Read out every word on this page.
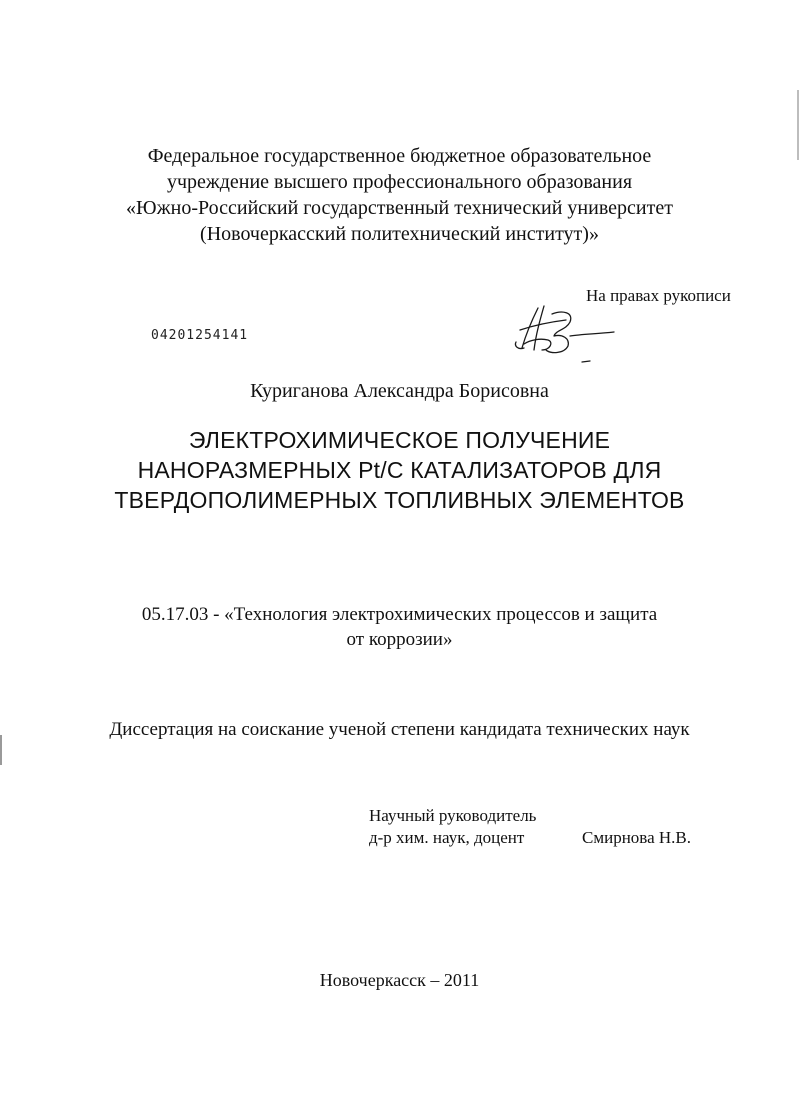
Федеральное государственное бюджетное образовательное
учреждение высшего профессионального образования
«Южно-Российский государственный технический университет
(Новочеркасский политехнический институт)»
На правах рукописи
04201254141
Куриганова Александра Борисовна
ЭЛЕКТРОХИМИЧЕСКОЕ ПОЛУЧЕНИЕ
НАНОРАЗМЕРНЫХ Pt/C КАТАЛИЗАТОРОВ ДЛЯ
ТВЕРДОПОЛИМЕРНЫХ ТОПЛИВНЫХ ЭЛЕМЕНТОВ
05.17.03 - «Технология электрохимических процессов и защита
от коррозии»
Диссертация на соискание ученой степени кандидата технических наук
Научный руководитель
д-р хим. наук, доцент	Смирнова Н.В.
Новочеркасск – 2011
